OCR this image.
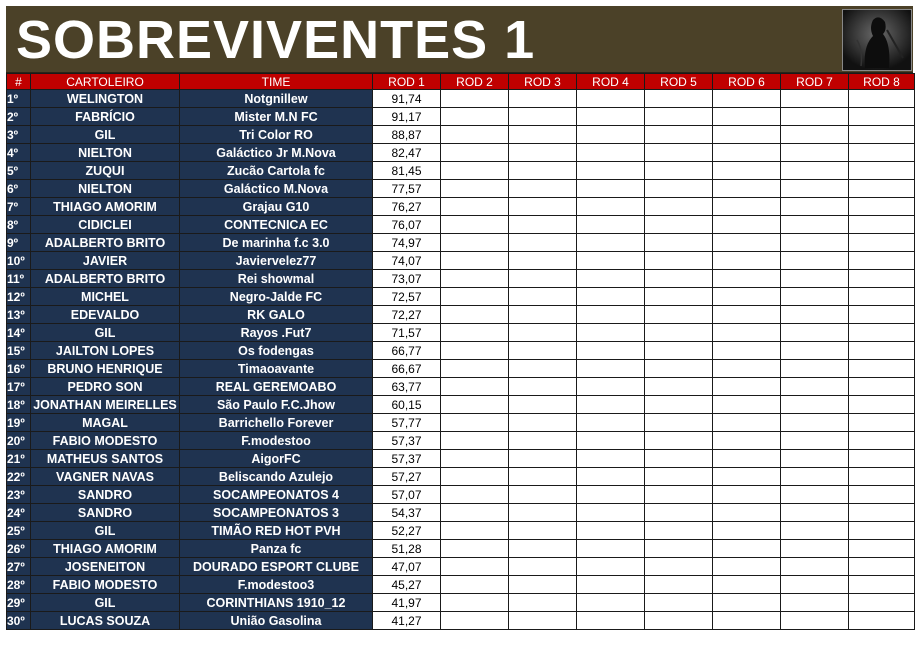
SOBREVIVENTES 1
#	CARTOLEIRO	TIME	ROD 1	ROD 2	ROD 3	ROD 4	ROD 5	ROD 6	ROD 7	ROD 8
1º	WELINGTON	Notgnillew	91,74							
2º	FABRÍCIO	Mister M.N FC	91,17							
3º	GIL	Tri Color RO	88,87							
4º	NIELTON	Galáctico Jr M.Nova	82,47							
5º	ZUQUI	Zucão Cartola fc	81,45							
6º	NIELTON	Galáctico M.Nova	77,57							
7º	THIAGO AMORIM	Grajau G10	76,27							
8º	CIDICLEI	CONTECNICA EC	76,07							
9º	ADALBERTO BRITO	De marinha f.c 3.0	74,97							
10º	JAVIER	Javiervelez77	74,07							
11º	ADALBERTO BRITO	Rei showmal	73,07							
12º	MICHEL	Negro-Jalde FC	72,57							
13º	EDEVALDO	RK GALO	72,27							
14º	GIL	Rayos .Fut7	71,57							
15º	JAILTON LOPES	Os fodengas	66,77							
16º	BRUNO HENRIQUE	Timaoavante	66,67							
17º	PEDRO SON	REAL GEREMOABO	63,77							
18º	JONATHAN MEIRELLES	São Paulo F.C.Jhow	60,15							
19º	MAGAL	Barrichello Forever	57,77							
20º	FABIO MODESTO	F.modestoo	57,37							
21º	MATHEUS SANTOS	AigorFC	57,37							
22º	VAGNER NAVAS	Beliscando Azulejo	57,27							
23º	SANDRO	SOCAMPEONATOS 4	57,07							
24º	SANDRO	SOCAMPEONATOS 3	54,37							
25º	GIL	TIMÃO RED HOT PVH	52,27							
26º	THIAGO AMORIM	Panza fc	51,28							
27º	JOSENEITON	DOURADO ESPORT CLUBE	47,07							
28º	FABIO MODESTO	F.modestoo3	45,27							
29º	GIL	CORINTHIANS 1910_12	41,97							
30º	LUCAS SOUZA	União Gasolina	41,27							
